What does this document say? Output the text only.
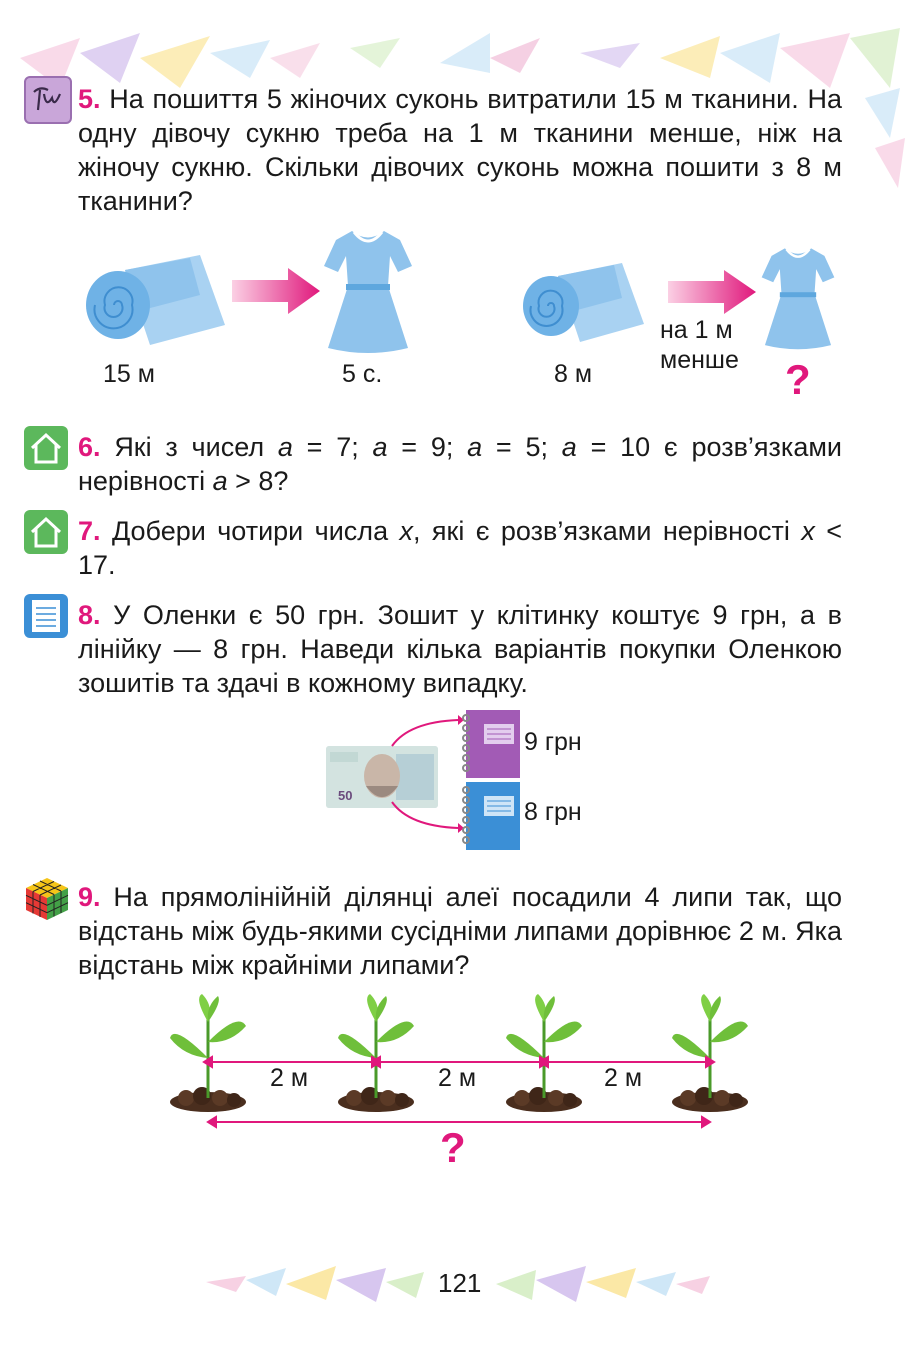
5. На пошиття 5 жіночих суконь витратили 15 м тканини. На одну дівочу сукню треба на 1 м тканини менше, ніж на жіночу сукню. Скільки дівочих суконь можна пошити з 8 м тканини?
15 м	5 с.	8 м
на 1 м
менше ?
6. Які з чисел a = 7; a = 9; a = 5; a = 10 є розв’язками нерівності a > 8?
7. Добери чотири числа x, які є розв’язками нерівності x < 17.
8. У Оленки є 50 грн. Зошит у клітинку коштує 9 грн, а в лінійку — 8 грн. Наведи кілька варіантів покупки Оленкою зошитів та здачі в кожному випадку.
50
9 грн
8 грн
9. На прямолінійній ділянці алеї посадили 4 липи так, що відстань між будь-якими сусідніми липами дорівнює 2 м. Яка відстань між крайніми липами?
2 м	2 м	2 м
?
121
